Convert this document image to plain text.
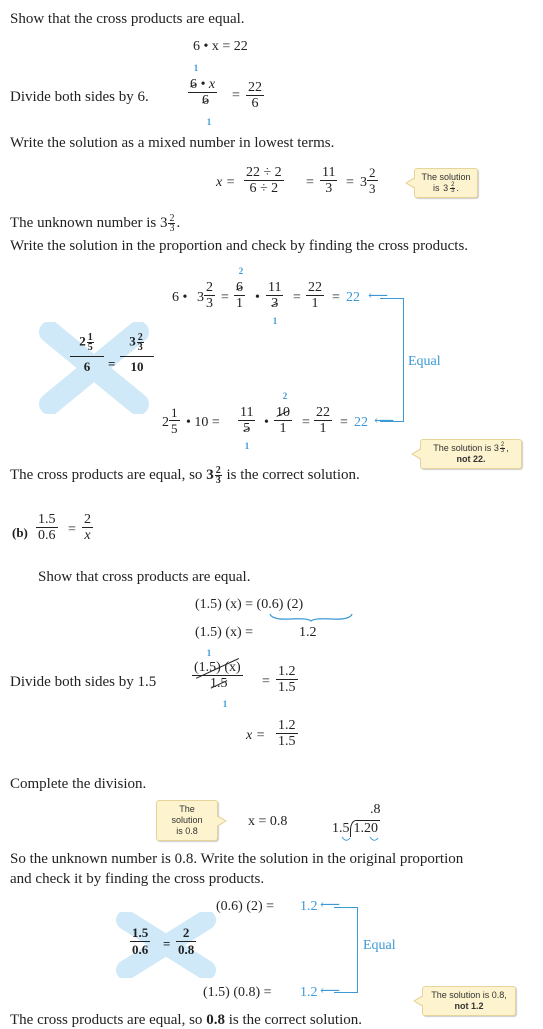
Show that the cross products are equal.
6 • x = 22
Divide both sides by 6.
1
$\frac{6 • x}{6}$
1
= $\frac{22}{6}$
Write the solution as a mixed number in lowest terms.
$x = \frac{22 \div 2}{6 \div 2} = \frac{11}{3} = 3 \frac{2}{3}$	The solution
is $3 \frac{2}{3}$ .
The unknown number is $3 \frac{2}{3}$ .
Write the solution in the proportion and check by finding the cross products.
6 • $3 \frac{2}{3} = \frac{6}{1}$
2
• $\frac{11}{3}$
1
= $\frac{22}{1} = 22$ ⟵
Equal
$2 \frac{1}{5}$
6	=
$3 \frac{2}{3}$
10
$2 \frac{1}{5}$ • $10 = \frac{11}{5}$
1
• $\frac{10}{1}$
2
= $\frac{22}{1} = 22$ ⟵
The solution is $3 \frac{2}{3}$ ,
not 22.
The cross products are equal, so $3 \frac{2}{3}$ is the correct solution.
$(b) \frac{1.5}{0.6} = \frac{2}{x}$
Show that cross products are equal.
(1.5) (x) = (0.6) (2)
(1.5) (x) =	1.2
Divide both sides by 1.5
1
$\frac{(1.5) (x)}{1.5}$
1
= $\frac{1.2}{1.5}$
$x = \frac{1.2}{1.5}$
Complete the division.
The solution
is 0.8
x = 0.8
.8
1.5 1.20
So the unknown number is 0.8. Write the solution in the original proportion
and check it by finding the cross products.
(0.6) (2) = 1.2 ⟵
Equal
$\frac{1.5}{0.6} = \frac{2}{0.8}$
(1.5) (0.8) = 1.2 ⟵	The solution is 0.8,
not 1.2
The cross products are equal, so 0.8 is the correct solution.
